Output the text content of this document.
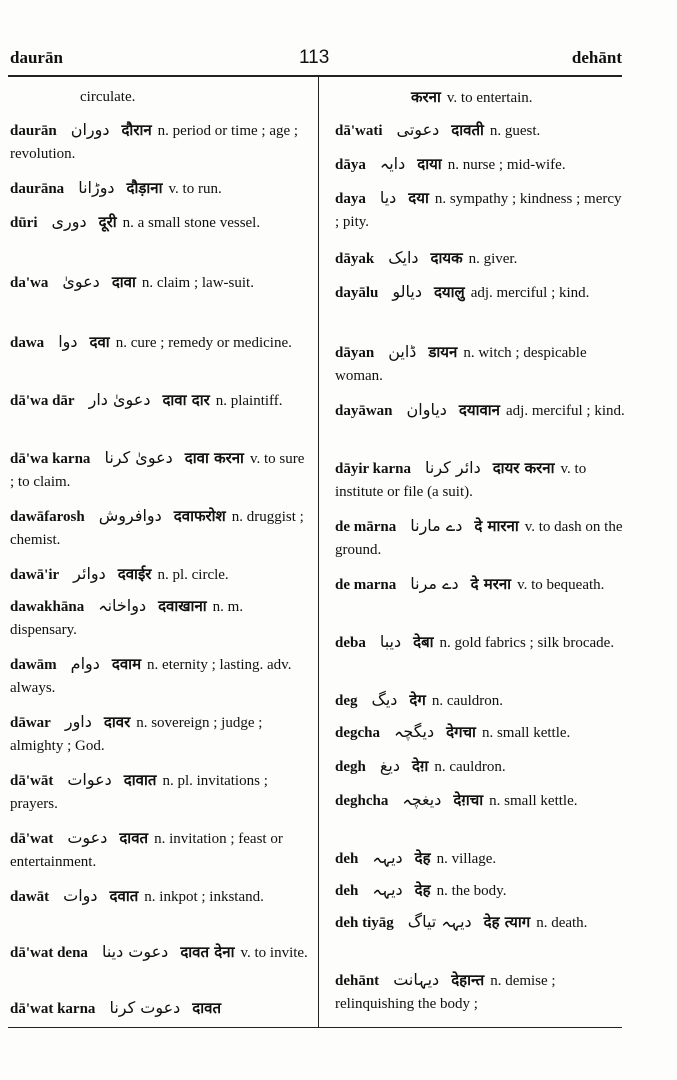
daurān	113	dehānt
circulate.
daurān دوران दौरान n. period or time ; age ; revolution.
daurāna دوڑانا दौड़ाना v. to run.
dūri دوری दूरी n. a small stone vessel.
da'wa دعویٰ दावा n. claim ; law-suit.
dawa دوا दवा n. cure ; remedy or medicine.
dā'wa dār دعویٰ دار दावा दार n. plaintiff.
dā'wa karna دعویٰ کرنا दावा करना v. to sure ; to claim.
dawāfarosh دوافروش दवाफरोश n. druggist ; chemist.
dawā'ir دوائر दवाईर n. pl. circle.
dawakhāna دواخانہ दवाखाना n. m. dispensary.
dawām دوام दवाम n. eternity ; lasting. adv. always.
dāwar داور दावर n. sovereign ; judge ; almighty ; God.
dā'wāt دعوات दावात n. pl. invitations ; prayers.
dā'wat دعوت दावत n. invitation ; feast or entertainment.
dawāt دوات दवात n. inkpot ; inkstand.
dā'wat dena دعوت دینا दावत देना v. to invite.
dā'wat karna دعوت کرنا दावत
करना v. to entertain.
dā'wati دعوتی दावती n. guest.
dāya دایہ दाया n. nurse ; mid-wife.
daya دیا दया n. sympathy ; kindness ; mercy ; pity.
dāyak دایک दायक n. giver.
dayālu دیالو दयालु adj. merciful ; kind.
dāyan ڈاین डायन n. witch ; despicable woman.
dayāwan دیاوان दयावान adj. merciful ; kind.
dāyir karna دائر کرنا दायर करना v. to institute or file (a suit).
de mārna دے مارنا दे मारना v. to dash on the ground.
de marna دے مرنا दे मरना v. to bequeath.
deba دیبا देबा n. gold fabrics ; silk brocade.
deg دیگ देग n. cauldron.
degcha دیگچہ देगचा n. small kettle.
degh دیغ देग़ n. cauldron.
deghcha دیغچہ देग़चा n. small kettle.
deh دیہہ देह n. village.
deh دیہہ देह n. the body.
deh tiyāg دیہہ تیاگ देह त्याग n. death.
dehānt دیہانت देहान्त n. demise ; relinquishing the body ;
